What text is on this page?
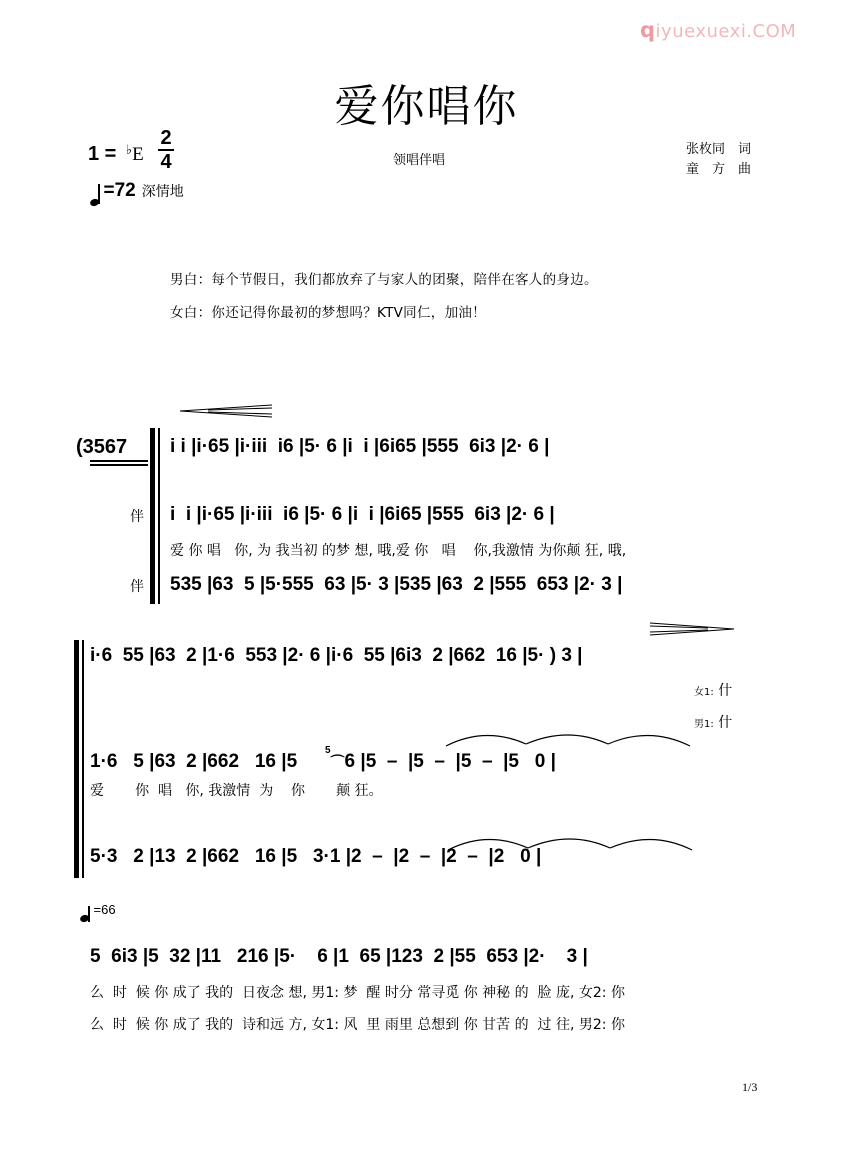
qiyuexuexi.COM
爱你唱你
1 = ♭E
2
4
=72 深情地
领唱伴唱
张枚同　 词
童　方　 曲
男白：每个节假日，我们都放弃了与家人的团聚，陪伴在客人的身边。
女白：你还记得你最初的梦想吗？KTV同仁，加油！
(3567 i i |i·65 |i·iii  i6 |5· 6 |i  i |6i65 |555  6i3 |2· 6 |
伴 i  i |i·65 |i·iii  i6 |5· 6 |i  i |6i65 |555  6i3 |2· 6 |
爱 你 唱   你, 为 我当初 的梦 想, 哦,爱 你   唱    你,我激情 为你颠 狂, 哦,
伴 535 |63  5 |5·555  63 |5· 3 |535 |63  2 |555  653 |2· 3 |
i·6  55 |63  2 |1·6  553 |2· 6 |i·6  55 |6i3  2 |662  16 |5· ) 3 |
女1: 什
男1: 什
1·6   5 |63  2 |662   16 |5   $^5$⌒6 |5  –  |5  –  |5  –  |5   0 |
爱       你  唱   你, 我激情  为    你       颠 狂。
5·3   2 |13  2 |662   16 |5   3·1 |2  –  |2  –  |2  –  |2   0 |
=66
5  6i3 |5  32 |11   216 |5·    6 |1  65 |123  2 |55  653 |2·    3 |
么  时  候 你 成了 我的  日夜念 想, 男1: 梦  醒 时分 常寻觅 你 神秘 的  脸 庞, 女2: 你
么  时  候 你 成了 我的  诗和远 方, 女1: 风  里 雨里 总想到 你 甘苦 的  过 往, 男2: 你
1/3
